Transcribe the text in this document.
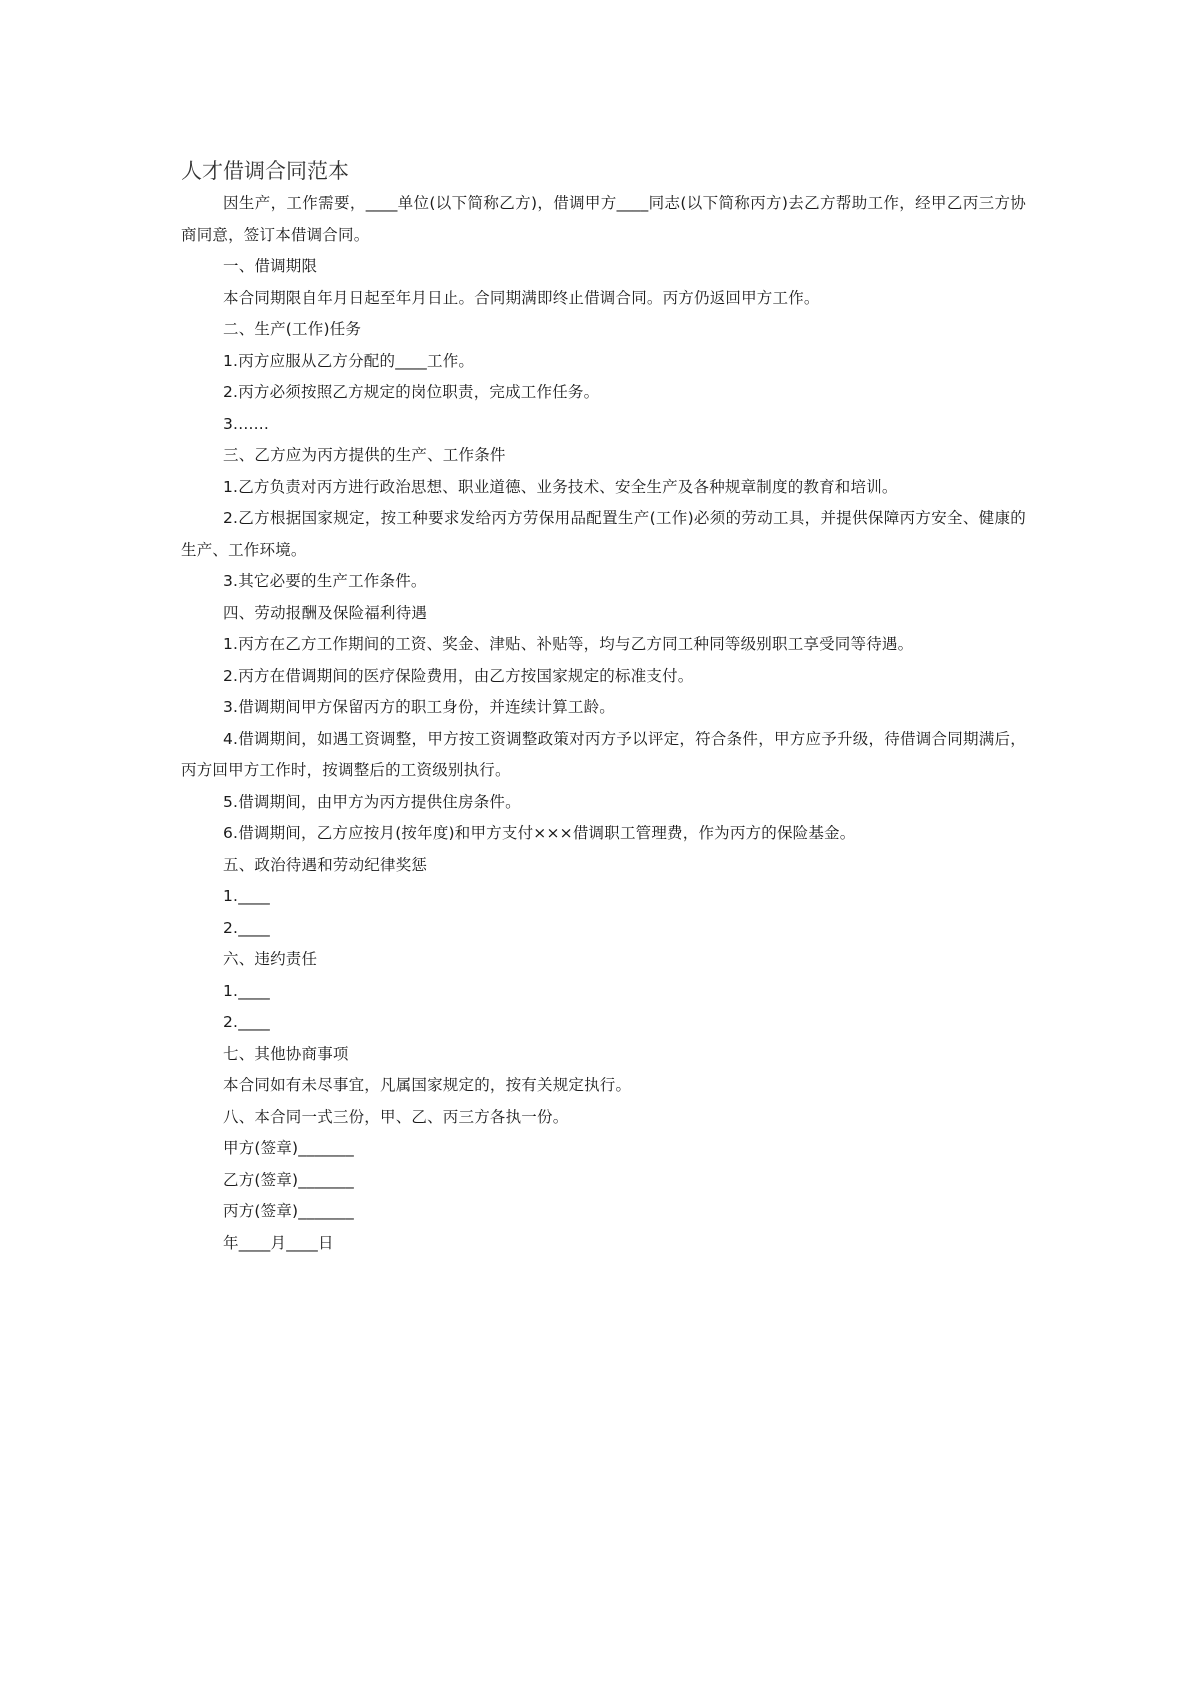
人才借调合同范本

因生产，工作需要，____单位(以下简称乙方)，借调甲方____同志(以下简称丙方)去乙方帮助工作，经甲乙丙三方协商同意，签订本借调合同。

一、借调期限

本合同期限自年月日起至年月日止。合同期满即终止借调合同。丙方仍返回甲方工作。

二、生产(工作)任务

1.丙方应服从乙方分配的____工作。

2.丙方必须按照乙方规定的岗位职责，完成工作任务。

3.......

三、乙方应为丙方提供的生产、工作条件

1.乙方负责对丙方进行政治思想、职业道德、业务技术、安全生产及各种规章制度的教育和培训。

2.乙方根据国家规定，按工种要求发给丙方劳保用品配置生产(工作)必须的劳动工具，并提供保障丙方安全、健康的生产、工作环境。

3.其它必要的生产工作条件。

四、劳动报酬及保险福利待遇

1.丙方在乙方工作期间的工资、奖金、津贴、补贴等，均与乙方同工种同等级别职工享受同等待遇。

2.丙方在借调期间的医疗保险费用，由乙方按国家规定的标准支付。

3.借调期间甲方保留丙方的职工身份，并连续计算工龄。

4.借调期间，如遇工资调整，甲方按工资调整政策对丙方予以评定，符合条件，甲方应予升级，待借调合同期满后，丙方回甲方工作时，按调整后的工资级别执行。

5.借调期间，由甲方为丙方提供住房条件。

6.借调期间，乙方应按月(按年度)和甲方支付×××借调职工管理费，作为丙方的保险基金。

五、政治待遇和劳动纪律奖惩

1.____

2.____

六、违约责任

1.____

2.____

七、其他协商事项

本合同如有未尽事宜，凡属国家规定的，按有关规定执行。

八、本合同一式三份，甲、乙、丙三方各执一份。

甲方(签章)_______

乙方(签章)_______

丙方(签章)_______

年____月____日
